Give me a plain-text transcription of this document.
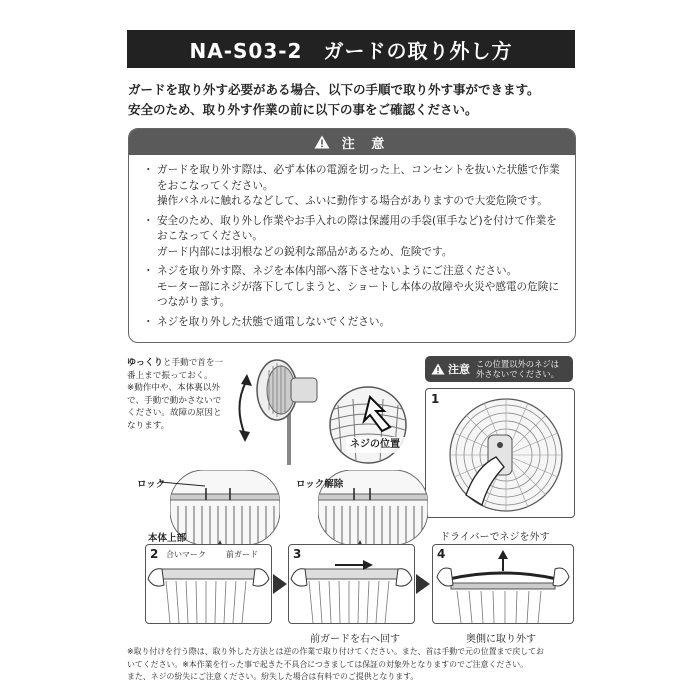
NA-S03-2　ガードの取り外し方
ガードを取り外す必要がある場合、以下の手順で取り外す事ができます。
安全のため、取り外す作業の前に以下の事をご確認ください。
注 意
・ ガードを取り外す際は、必ず本体の電源を切った上、コンセントを抜いた状態で作業をおこなってください。
操作パネルに触れるなどして、ふいに動作する場合がありますので大変危険です。
・ 安全のため、取り外し作業やお手入れの際は保護用の手袋(軍手など)を付けて作業をおこなってください。
ガード内部には羽根などの鋭利な部品があるため、危険です。
・ ネジを取り外す際、ネジを本体内部へ落下させないようにご注意ください。
モーター部にネジが落下してしまうと、ショートし本体の故障や火災や感電の危険につながります。
・ ネジを取り外した状態で通電しないでください。
ゆっくりと手動で首を一番上まで振っておく。
※動作中や、本体裏以外で、手動で動かさないでください。故障の原因となります。
ネジの位置
注意 この位置以外のネジは
外さないでください。
1
ドライバーでネジを外す
ロック	ロック解除
本体上部
2 合いマーク	前ガード	3
前ガードを右へ回す
4
奥側に取り外す
※取り付けを行う際は、取り外した方法とは逆の作業で取り付けてください。また、首は手動で元の位置まで戻してお
いてください。※本作業を行った事で起きた不具合につきましては保証の対象外となりますのでご注意ください。
また、ネジの紛失にご注意ください。紛失した場合は有料でのご提供となります。
